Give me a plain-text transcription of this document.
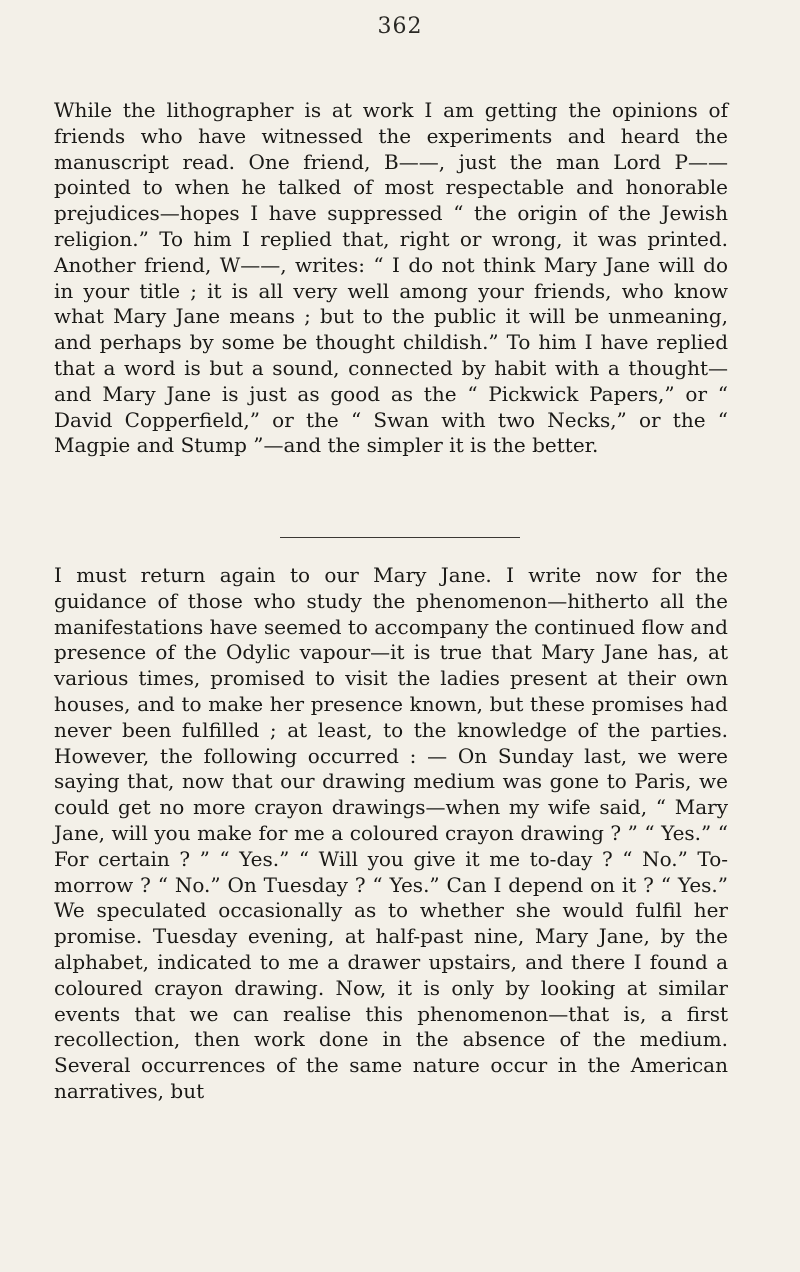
362

While the lithographer is at work I am getting the opinions of friends who have witnessed the experiments and heard the manuscript read. One friend, B——, just the man Lord P—— pointed to when he talked of most respectable and honorable prejudices—hopes I have suppressed “ the origin of the Jewish religion.” To him I replied that, right or wrong, it was printed. Another friend, W——, writes: “ I do not think Mary Jane will do in your title ; it is all very well among your friends, who know what Mary Jane means ; but to the public it will be unmeaning, and perhaps by some be thought childish.” To him I have replied that a word is but a sound, connected by habit with a thought—and Mary Jane is just as good as the “ Pickwick Papers,” or “ David Copperfield,” or the “ Swan with two Necks,” or the “ Magpie and Stump ”—and the simpler it is the better.

I must return again to our Mary Jane. I write now for the guidance of those who study the phenomenon—hitherto all the manifestations have seemed to accompany the continued flow and presence of the Odylic vapour—it is true that Mary Jane has, at various times, promised to visit the ladies present at their own houses, and to make her presence known, but these promises had never been fulfilled ; at least, to the knowledge of the parties. However, the following occurred : — On Sunday last, we were saying that, now that our drawing medium was gone to Paris, we could get no more crayon drawings—when my wife said, “ Mary Jane, will you make for me a coloured crayon drawing ? ” “ Yes.” “ For certain ? ” “ Yes.” “ Will you give it me to-day ? “ No.” To-morrow ? “ No.” On Tuesday ? “ Yes.” Can I depend on it ? “ Yes.” We speculated occasionally as to whether she would fulfil her promise. Tuesday evening, at half-past nine, Mary Jane, by the alphabet, indicated to me a drawer upstairs, and there I found a coloured crayon drawing. Now, it is only by looking at similar events that we can realise this phenomenon—that is, a first recollection, then work done in the absence of the medium. Several occurrences of the same nature occur in the American narratives, but
